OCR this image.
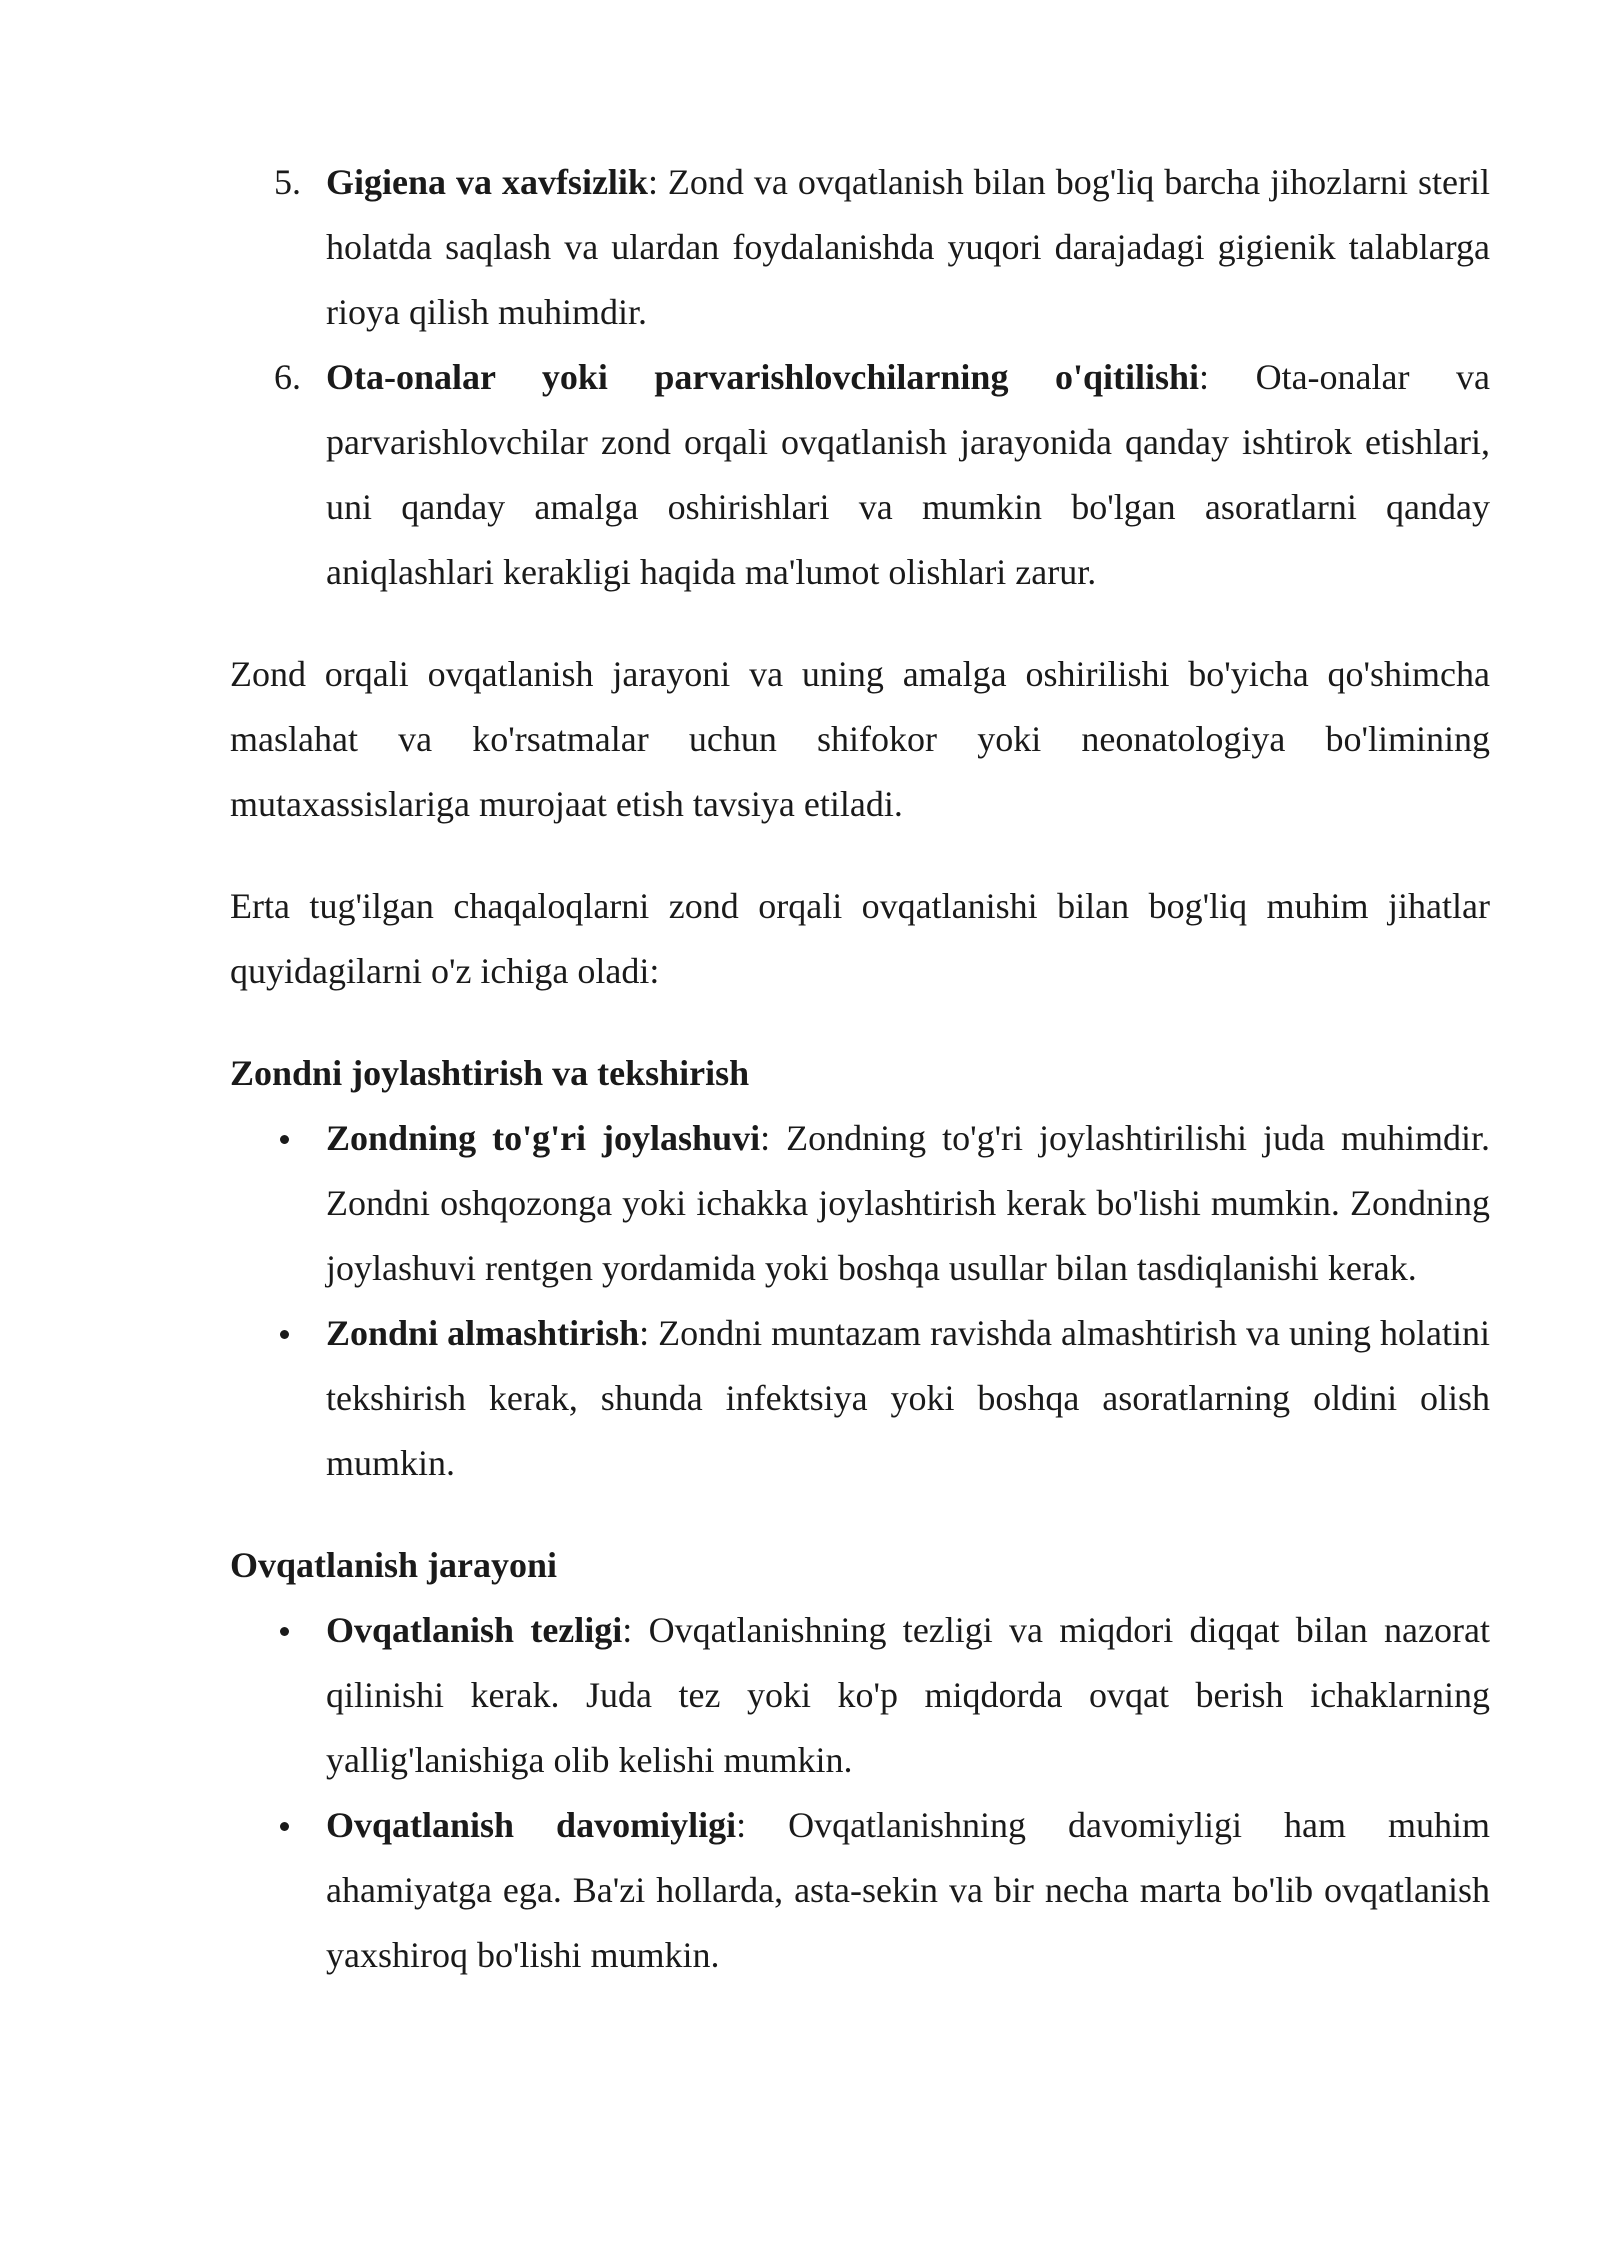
5. Gigiena va xavfsizlik: Zond va ovqatlanish bilan bog'liq barcha jihozlarni steril holatda saqlash va ulardan foydalanishda yuqori darajadagi gigienik talablarga rioya qilish muhimdir.
6. Ota-onalar yoki parvarishlovchilarning o'qitilishi: Ota-onalar va parvarishlovchilar zond orqali ovqatlanish jarayonida qanday ishtirok etishlari, uni qanday amalga oshirishlari va mumkin bo'lgan asoratlarni qanday aniqlashlari kerakligi haqida ma'lumot olishlari zarur.

Zond orqali ovqatlanish jarayoni va uning amalga oshirilishi bo'yicha qo'shimcha maslahat va ko'rsatmalar uchun shifokor yoki neonatologiya bo'limining mutaxassislariga murojaat etish tavsiya etiladi.

Erta tug'ilgan chaqaloqlarni zond orqali ovqatlanishi bilan bog'liq muhim jihatlar quyidagilarni o'z ichiga oladi:

Zondni joylashtirish va tekshirish
Zondning to'g'ri joylashuvi: Zondning to'g'ri joylashtirilishi juda muhimdir. Zondni oshqozonga yoki ichakka joylashtirish kerak bo'lishi mumkin. Zondning joylashuvi rentgen yordamida yoki boshqa usullar bilan tasdiqlanishi kerak.
Zondni almashtirish: Zondni muntazam ravishda almashtirish va uning holatini tekshirish kerak, shunda infektsiya yoki boshqa asoratlarning oldini olish mumkin.
Ovqatlanish jarayoni
Ovqatlanish tezligi: Ovqatlanishning tezligi va miqdori diqqat bilan nazorat qilinishi kerak. Juda tez yoki ko'p miqdorda ovqat berish ichaklarning yallig'lanishiga olib kelishi mumkin.
Ovqatlanish davomiyligi: Ovqatlanishning davomiyligi ham muhim ahamiyatga ega. Ba'zi hollarda, asta-sekin va bir necha marta bo'lib ovqatlanish yaxshiroq bo'lishi mumkin.
